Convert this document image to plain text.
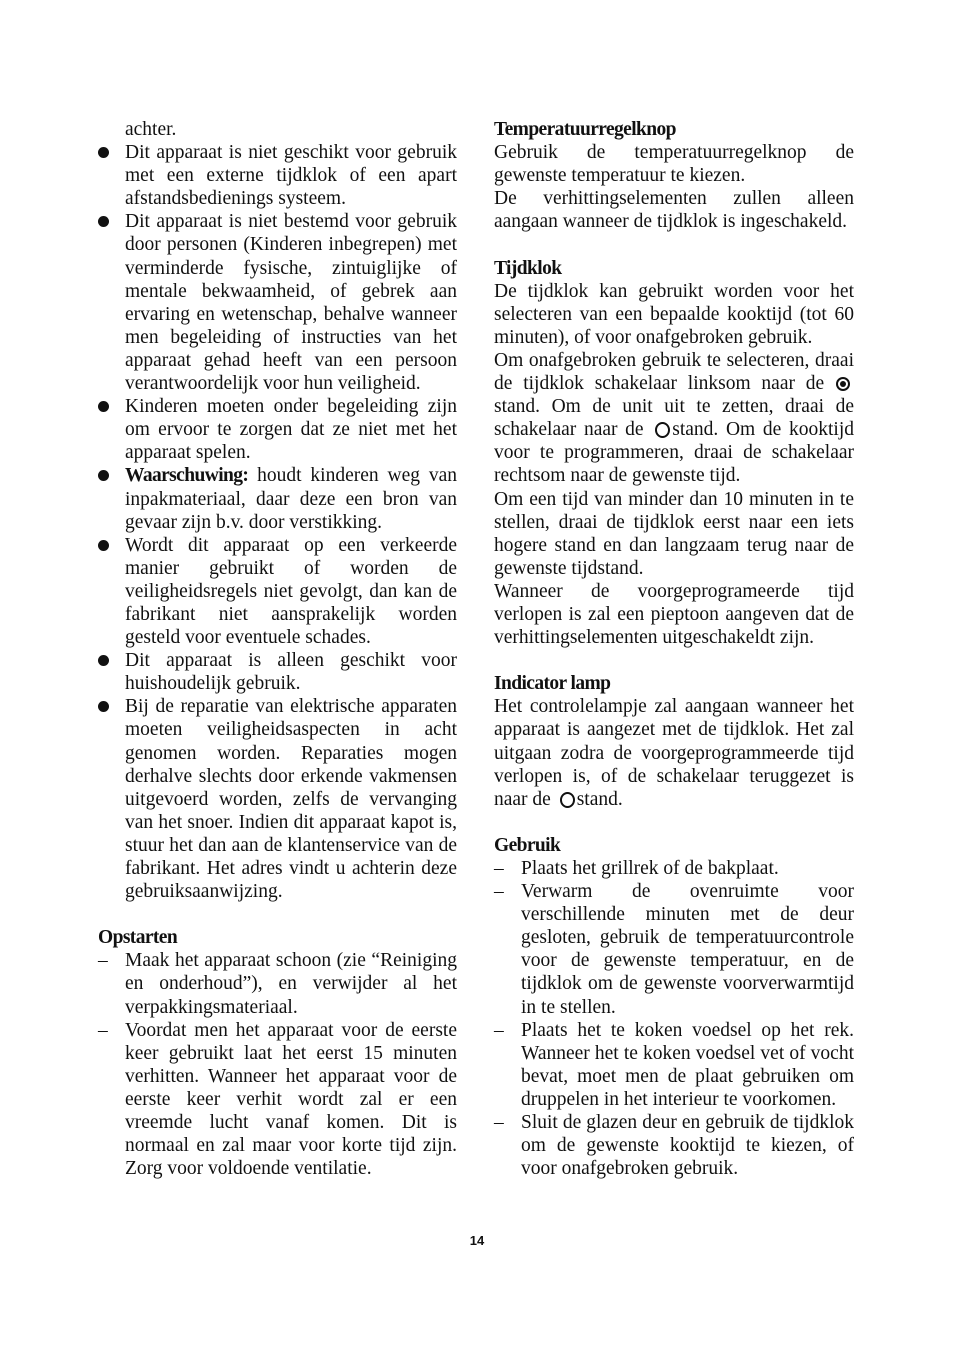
achter.

Dit apparaat is niet geschikt voor gebruik met een externe tijdklok of een apart afstandsbedienings systeem.
Dit apparaat is niet bestemd voor gebruik door personen (Kinderen inbegrepen) met verminderde fysische, zintuiglijke of mentale bekwaamheid, of gebrek aan ervaring en wetenschap, behalve wanneer men begeleiding of instructies van het apparaat gehad heeft van een persoon verantwoordelijk voor hun veiligheid.
Kinderen moeten onder begeleiding zijn om ervoor te zorgen dat ze niet met het apparaat spelen.
Waarschuwing: houdt kinderen weg van inpakmateriaal, daar deze een bron van gevaar zijn b.v. door verstikking.
Wordt dit apparaat op een verkeerde manier gebruikt of worden de veiligheidsregels niet gevolgt, dan kan de fabrikant niet aansprakelijk worden gesteld voor eventuele schades.
Dit apparaat is alleen geschikt voor huishoudelijk gebruik.
Bij de reparatie van elektrische apparaten moeten veiligheidsaspecten in acht genomen worden. Reparaties mogen derhalve slechts door erkende vakmensen uitgevoerd worden, zelfs de vervanging van het snoer. Indien dit apparaat kapot is, stuur het dan aan de klantenservice van de fabrikant. Het adres vindt u achterin deze gebruiksaanwijzing.

Opstarten

– Maak het apparaat schoon (zie “Reiniging en onderhoud”), en verwijder al het verpakkingsmateriaal.
– Voordat men het apparaat voor de eerste keer gebruikt laat het eerst 15 minuten verhitten. Wanneer het apparaat voor de eerste keer verhit wordt zal er een vreemde lucht vanaf komen. Dit is normaal en zal maar voor korte tijd zijn. Zorg voor voldoende ventilatie.

Temperatuurregelknop

Gebruik de temperatuurregelknop de gewenste temperatuur te kiezen.

De verhittingselementen zullen alleen aangaan wanneer de tijdklok is ingeschakeld.

Tijdklok

De tijdklok kan gebruikt worden voor het selecteren van een bepaalde kooktijd (tot 60 minuten), of voor onafgebroken gebruik.

Om onafgebroken gebruik te selecteren, draai de tijdklok schakelaar linksom naar de stand. Om de unit uit te zetten, draai de schakelaar naar de stand. Om de kooktijd voor te programmeren, draai de schakelaar rechtsom naar de gewenste tijd.

Om een tijd van minder dan 10 minuten in te stellen, draai de tijdklok eerst naar een iets hogere stand en dan langzaam terug naar de gewenste tijdstand.

Wanneer de voorgeprogrameerde tijd verlopen is zal een pieptoon aangeven dat de verhittingselementen uitgeschakeldt zijn.

Indicator lamp

Het controlelampje zal aangaan wanneer het apparaat is aangezet met de tijdklok. Het zal uitgaan zodra de voorgeprogrammeerde tijd verlopen is, of de schakelaar teruggezet is naar de stand.

Gebruik

– Plaats het grillrek of de bakplaat.
– Verwarm de ovenruimte voor verschillende minuten met de deur gesloten, gebruik de temperatuurcontrole voor de gewenste temperatuur, en de tijdklok om de gewenste voorverwarmtijd in te stellen.
– Plaats het te koken voedsel op het rek. Wanneer het te koken voedsel vet of vocht bevat, moet men de plaat gebruiken om druppelen in het interieur te voorkomen.
– Sluit de glazen deur en gebruik de tijdklok om de gewenste kooktijd te kiezen, of voor onafgebroken gebruik.
14
